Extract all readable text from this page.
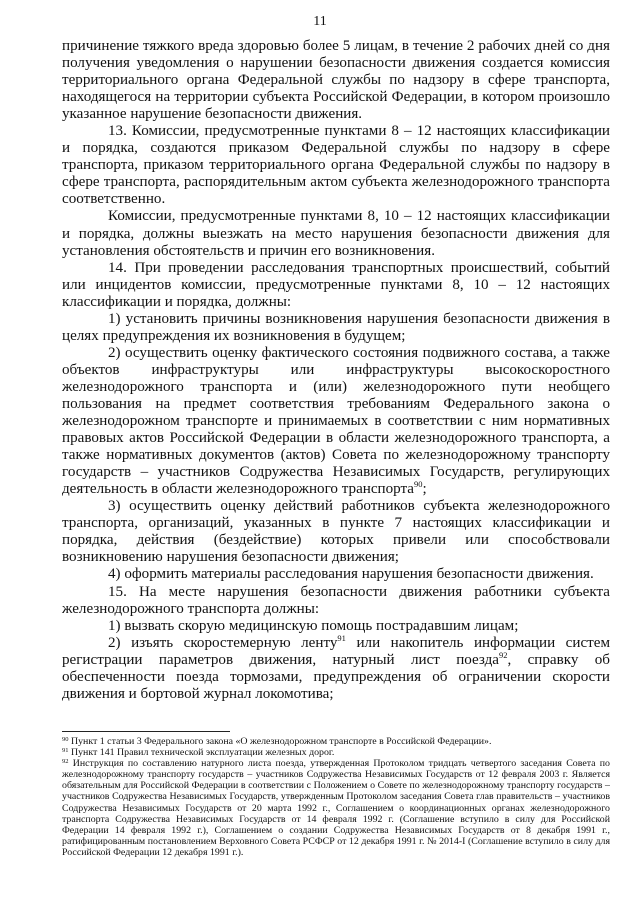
11

причинение тяжкого вреда здоровью более 5 лицам, в течение 2 рабочих дней со дня получения уведомления о нарушении безопасности движения создается комиссия территориального органа Федеральной службы по надзору в сфере транспорта, находящегося на территории субъекта Российской Федерации, в котором произошло указанное нарушение безопасности движения.

13. Комиссии, предусмотренные пунктами 8 – 12 настоящих классификации и порядка, создаются приказом Федеральной службы по надзору в сфере транспорта, приказом территориального органа Федеральной службы по надзору в сфере транспорта, распорядительным актом субъекта железнодорожного транспорта соответственно.

Комиссии, предусмотренные пунктами 8, 10 – 12 настоящих классификации и порядка, должны выезжать на место нарушения безопасности движения для установления обстоятельств и причин его возникновения.

14. При проведении расследования транспортных происшествий, событий или инцидентов комиссии, предусмотренные пунктами 8, 10 – 12 настоящих классификации и порядка, должны:

1) установить причины возникновения нарушения безопасности движения в целях предупреждения их возникновения в будущем;

2) осуществить оценку фактического состояния подвижного состава, а также объектов инфраструктуры или инфраструктуры высокоскоростного железнодорожного транспорта и (или) железнодорожного пути необщего пользования на предмет соответствия требованиям Федерального закона о железнодорожном транспорте и принимаемых в соответствии с ним нормативных правовых актов Российской Федерации в области железнодорожного транспорта, а также нормативных документов (актов) Совета по железнодорожному транспорту государств – участников Содружества Независимых Государств, регулирующих деятельность в области железнодорожного транспорта$^{90}$;

3) осуществить оценку действий работников субъекта железнодорожного транспорта, организаций, указанных в пункте 7 настоящих классификации и порядка, действия (бездействие) которых привели или способствовали возникновению нарушения безопасности движения;

4) оформить материалы расследования нарушения безопасности движения.

15. На месте нарушения безопасности движения работники субъекта железнодорожного транспорта должны:

1) вызвать скорую медицинскую помощь пострадавшим лицам;

2) изъять скоростемерную ленту$^{91}$ или накопитель информации систем регистрации параметров движения, натурный лист поезда$^{92}$, справку об обеспеченности поезда тормозами, предупреждения об ограничении скорости движения и бортовой журнал локомотива;

$^{90}$ Пункт 1 статьи 3 Федерального закона «О железнодорожном транспорте в Российской Федерации».

$^{91}$ Пункт 141 Правил технической эксплуатации железных дорог.

$^{92}$ Инструкция по составлению натурного листа поезда, утвержденная Протоколом тридцать четвертого заседания Совета по железнодорожному транспорту государств – участников Содружества Независимых Государств от 12 февраля 2003 г. Является обязательным для Российской Федерации в соответствии с Положением о Совете по железнодорожному транспорту государств – участников Содружества Независимых Государств, утвержденным Протоколом заседания Совета глав правительств – участников Содружества Независимых Государств от 20 марта 1992 г., Соглашением о координационных органах железнодорожного транспорта Содружества Независимых Государств от 14 февраля 1992 г. (Соглашение вступило в силу для Российской Федерации 14 февраля 1992 г.), Соглашением о создании Содружества Независимых Государств от 8 декабря 1991 г., ратифицированным постановлением Верховного Совета РСФСР от 12 декабря 1991 г. № 2014-I (Соглашение вступило в силу для Российской Федерации 12 декабря 1991 г.).
